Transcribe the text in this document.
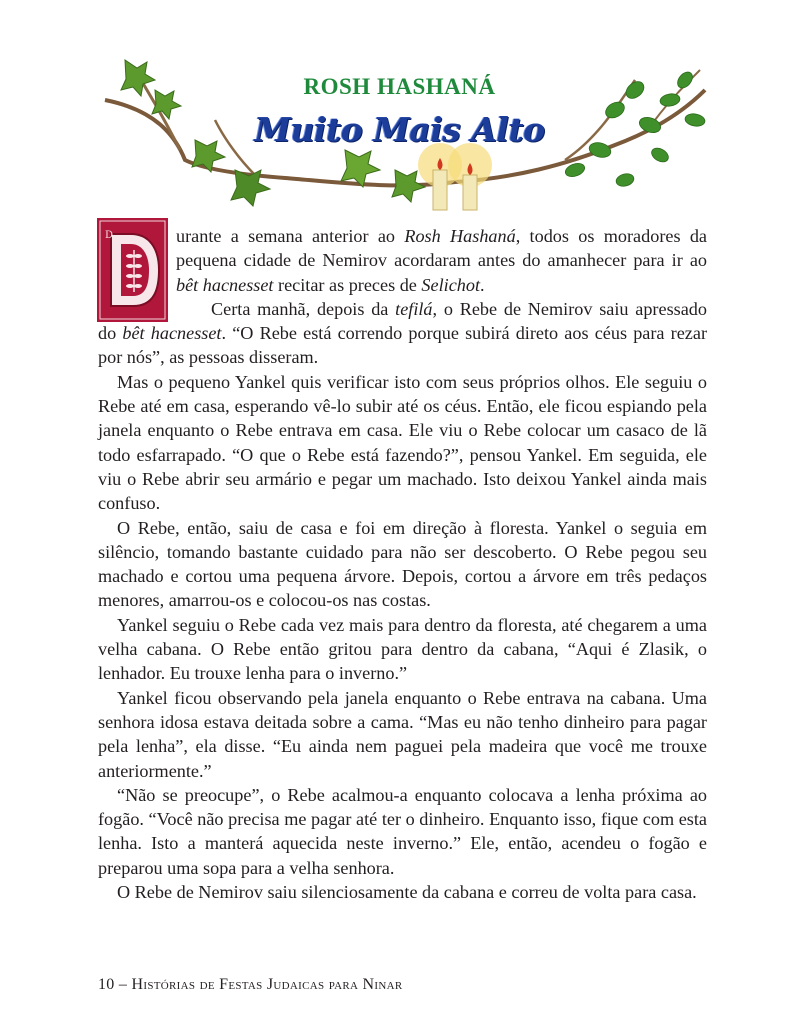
ROSH HASHANÁ
Muito Mais Alto
D	urante a semana anterior ao Rosh Hashaná, todos os moradores da pequena cidade de Nemirov acordaram antes do amanhecer para ir ao bêt hacnesset recitar as preces de Selichot.

Certa manhã, depois da tefilá, o Rebe de Nemirov saiu apressado do bêt hacnesset. “O Rebe está correndo porque subirá direto aos céus para rezar por nós”, as pessoas disseram.

Mas o pequeno Yankel quis verificar isto com seus próprios olhos. Ele seguiu o Rebe até em casa, esperando vê-lo subir até os céus. Então, ele ficou espiando pela janela enquanto o Rebe entrava em casa. Ele viu o Rebe colocar um casaco de lã todo esfarrapado. “O que o Rebe está fazendo?”, pensou Yankel. Em seguida, ele viu o Rebe abrir seu armário e pegar um machado. Isto deixou Yankel ainda mais confuso.

O Rebe, então, saiu de casa e foi em direção à floresta. Yankel o seguia em silêncio, tomando bastante cuidado para não ser descoberto. O Rebe pegou seu machado e cortou uma pequena árvore. Depois, cortou a árvore em três pedaços menores, amarrou-os e colocou-os nas costas.

Yankel seguiu o Rebe cada vez mais para dentro da floresta, até chegarem a uma velha cabana. O Rebe então gritou para dentro da cabana, “Aqui é Zlasik, o lenhador. Eu trouxe lenha para o inverno.”

Yankel ficou observando pela janela enquanto o Rebe entrava na cabana. Uma senhora idosa estava deitada sobre a cama. “Mas eu não tenho dinheiro para pagar pela lenha”, ela disse. “Eu ainda nem paguei pela madeira que você me trouxe anteriormente.”

“Não se preocupe”, o Rebe acalmou-a enquanto colocava a lenha próxima ao fogão. “Você não precisa me pagar até ter o dinheiro. Enquanto isso, fique com esta lenha. Isto a manterá aquecida neste inverno.” Ele, então, acendeu o fogão e preparou uma sopa para a velha senhora.

O Rebe de Nemirov saiu silenciosamente da cabana e correu de volta para casa.

10 – Histórias de Festas Judaicas para Ninar
